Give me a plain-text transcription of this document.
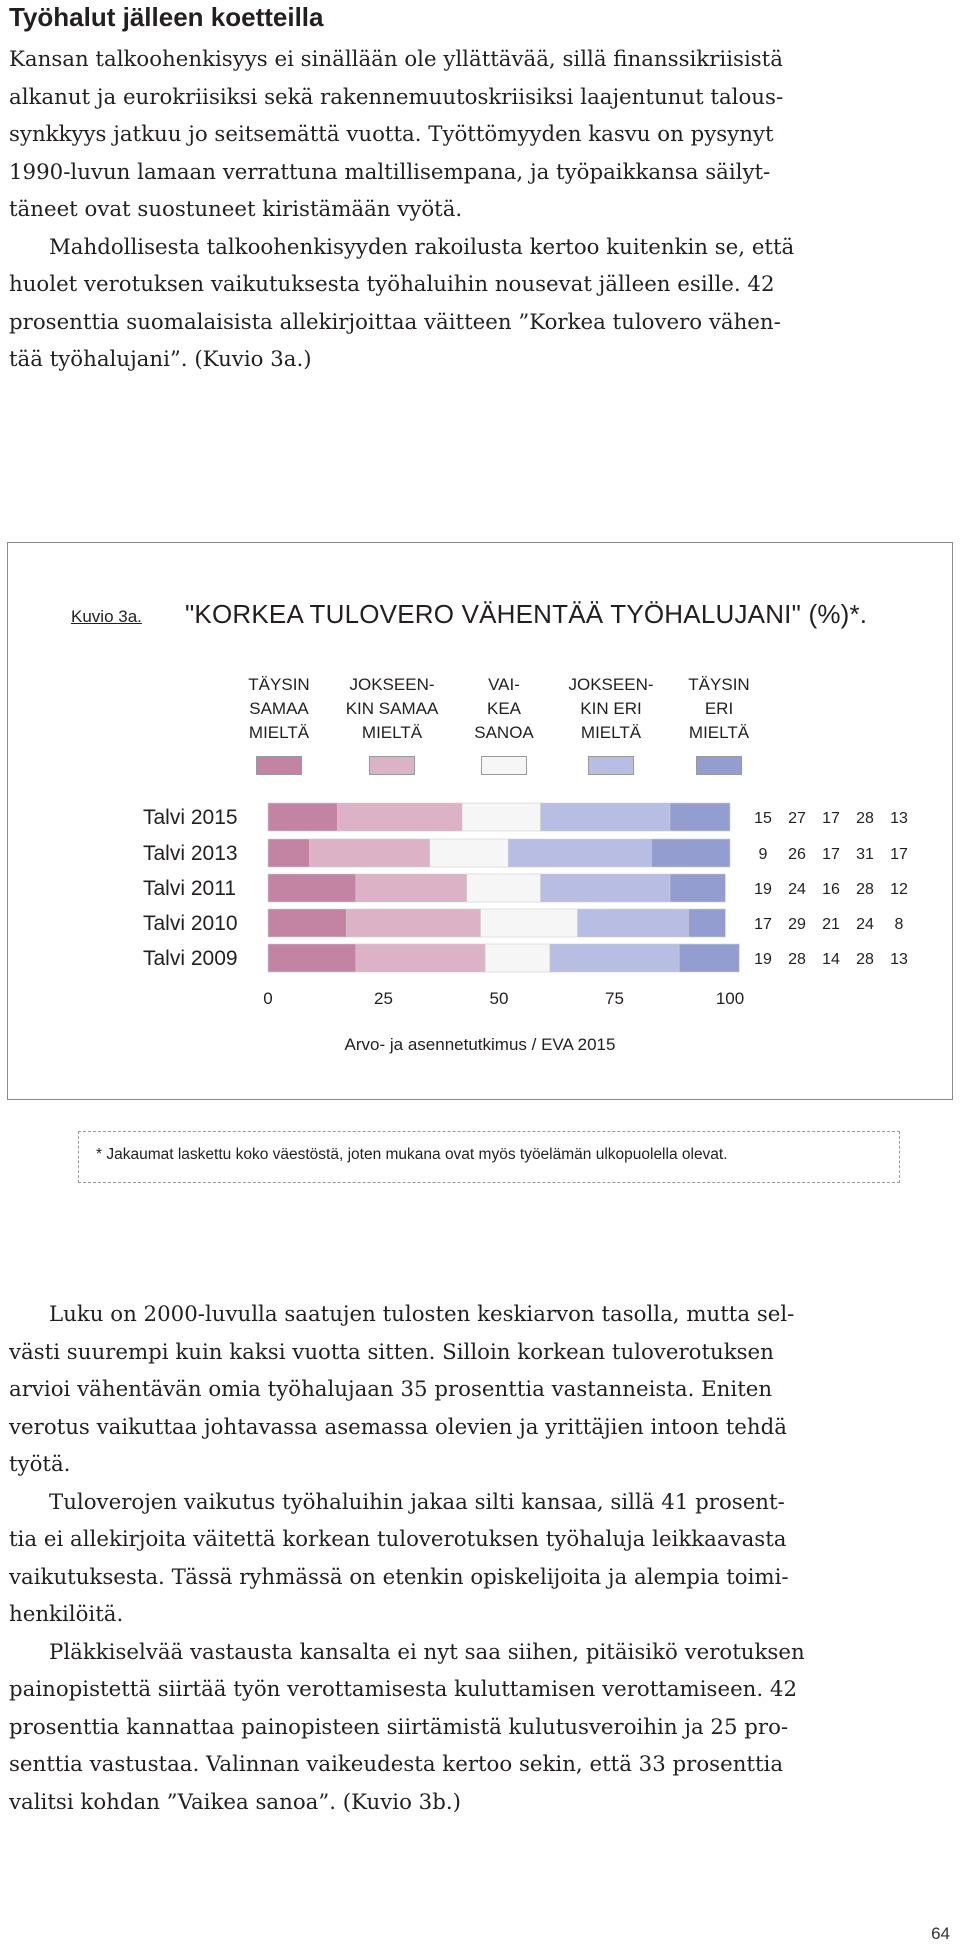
Työhalut jälleen koetteilla
Kansan talkoohenkisyys ei sinällään ole yllättävää, sillä finanssikriisistä
alkanut ja eurokriisiksi sekä rakennemuutoskriisiksi laajentunut talous-
synkkyys jatkuu jo seitsemättä vuotta. Työttömyyden kasvu on pysynyt
1990-luvun lamaan verrattuna maltillisempana, ja työpaikkansa säilyt-
täneet ovat suostuneet kiristämään vyötä.
Mahdollisesta talkoohenkisyyden rakoilusta kertoo kuitenkin se, että
huolet verotuksen vaikutuksesta työhaluihin nousevat jälleen esille. 42
prosenttia suomalaisista allekirjoittaa väitteen ”Korkea tulovero vähen-
tää työhalujani”. (Kuvio 3a.)
Kuvio 3a. "KORKEA TULOVERO VÄHENTÄÄ TYÖHALUJANI" (%)*.
TÄYSIN
SAMAA
MIELTÄ
JOKSEEN-
KIN SAMAA
MIELTÄ
VAI-
KEA
SANOA
JOKSEEN-
KIN ERI
MIELTÄ
TÄYSIN
ERI
MIELTÄ
Talvi 2015	15 27 17 28 13
Talvi 2013	9 26 17 31 17
Talvi 2011	19 24 16 28 12
Talvi 2010	17 29 21 24 8
Talvi 2009	19 28 14 28 13
0	25	50	75	100
Arvo- ja asennetutkimus / EVA 2015
* Jakaumat laskettu koko väestöstä, joten mukana ovat myös työelämän ulkopuolella olevat.
Luku on 2000-luvulla saatujen tulosten keskiarvon tasolla, mutta sel-
västi suurempi kuin kaksi vuotta sitten. Silloin korkean tuloverotuksen
arvioi vähentävän omia työhalujaan 35 prosenttia vastanneista. Eniten
verotus vaikuttaa johtavassa asemassa olevien ja yrittäjien intoon tehdä
työtä.
Tuloverojen vaikutus työhaluihin jakaa silti kansaa, sillä 41 prosent-
tia ei allekirjoita väitettä korkean tuloverotuksen työhaluja leikkaavasta
vaikutuksesta. Tässä ryhmässä on etenkin opiskelijoita ja alempia toimi-
henkilöitä.
Pläkkiselvää vastausta kansalta ei nyt saa siihen, pitäisikö verotuksen
painopistettä siirtää työn verottamisesta kuluttamisen verottamiseen. 42
prosenttia kannattaa painopisteen siirtämistä kulutusveroihin ja 25 pro-
senttia vastustaa. Valinnan vaikeudesta kertoo sekin, että 33 prosenttia
valitsi kohdan ”Vaikea sanoa”. (Kuvio 3b.)
64
